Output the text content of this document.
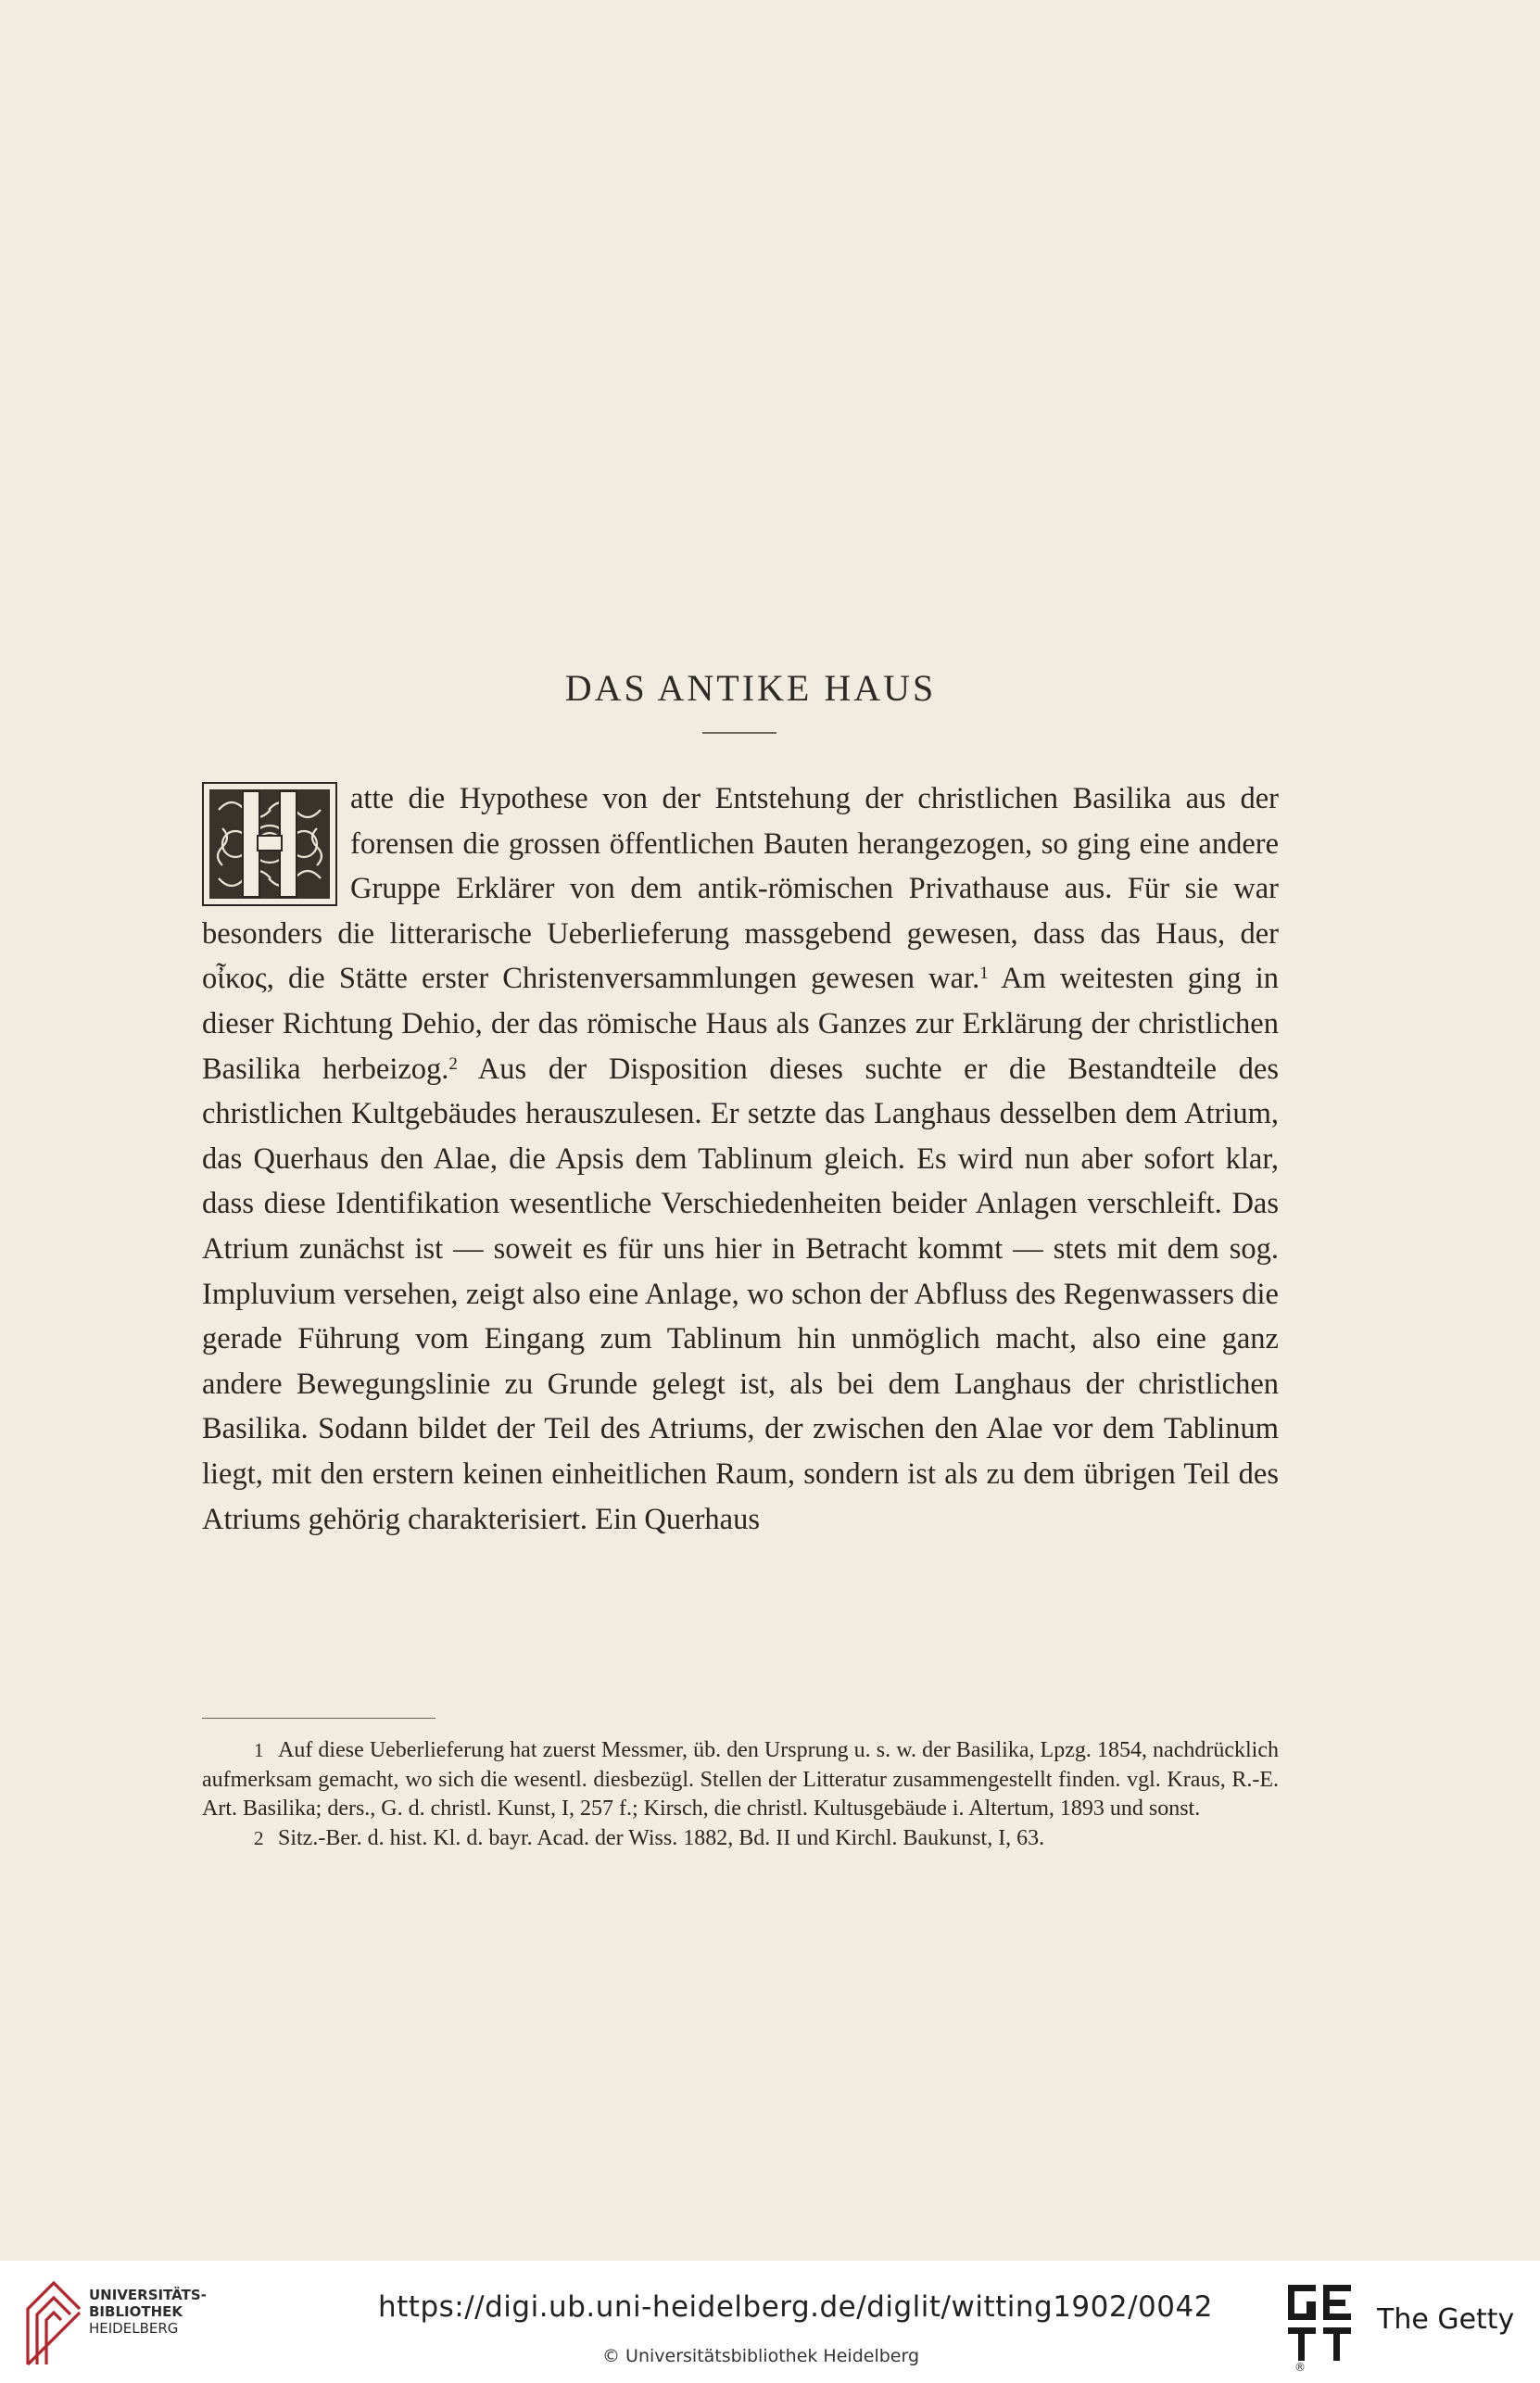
DAS ANTIKE HAUS
atte die Hypothese von der Entstehung der christlichen Basilika aus der forensen die grossen öffentlichen Bauten herangezogen, so ging eine andere Gruppe Erklärer von dem antik-römischen Privathause aus. Für sie war besonders die litterarische Ueberlieferung massgebend gewesen, dass das Haus, der οἶκος, die Stätte erster Christenversammlungen gewesen war.$^1$ Am weitesten ging in dieser Richtung Dehio, der das römische Haus als Ganzes zur Erklärung der christlichen Basilika herbeizog.$^2$ Aus der Disposition dieses suchte er die Bestandteile des christlichen Kultgebäudes herauszulesen. Er setzte das Langhaus desselben dem Atrium, das Querhaus den Alae, die Apsis dem Tablinum gleich. Es wird nun aber sofort klar, dass diese Identifikation wesentliche Verschiedenheiten beider Anlagen verschleift. Das Atrium zunächst ist — soweit es für uns hier in Betracht kommt — stets mit dem sog. Impluvium versehen, zeigt also eine Anlage, wo schon der Abfluss des Regenwassers die gerade Führung vom Eingang zum Tablinum hin unmöglich macht, also eine ganz andere Bewegungslinie zu Grunde gelegt ist, als bei dem Langhaus der christlichen Basilika. Sodann bildet der Teil des Atriums, der zwischen den Alae vor dem Tablinum liegt, mit den erstern keinen einheitlichen Raum, sondern ist als zu dem übrigen Teil des Atriums gehörig charakterisiert. Ein Querhaus

1 Auf diese Ueberlieferung hat zuerst Messmer, üb. den Ursprung u. s. w. der Basilika, Lpzg. 1854, nachdrücklich aufmerksam gemacht, wo sich die wesentl. diesbezügl. Stellen der Litteratur zusammengestellt finden. vgl. Kraus, R.-E. Art. Basilika; ders., G. d. christl. Kunst, I, 257 f.; Kirsch, die christl. Kultusgebäude i. Altertum, 1893 und sonst.

2 Sitz.-Ber. d. hist. Kl. d. bayr. Acad. der Wiss. 1882, Bd. II und Kirchl. Baukunst, I, 63.

UNIVERSITÄTS-
BIBLIOTHEK
HEIDELBERG
https://digi.ub.uni-heidelberg.de/diglit/witting1902/0042
© Universitätsbibliothek Heidelberg
The Getty
®
